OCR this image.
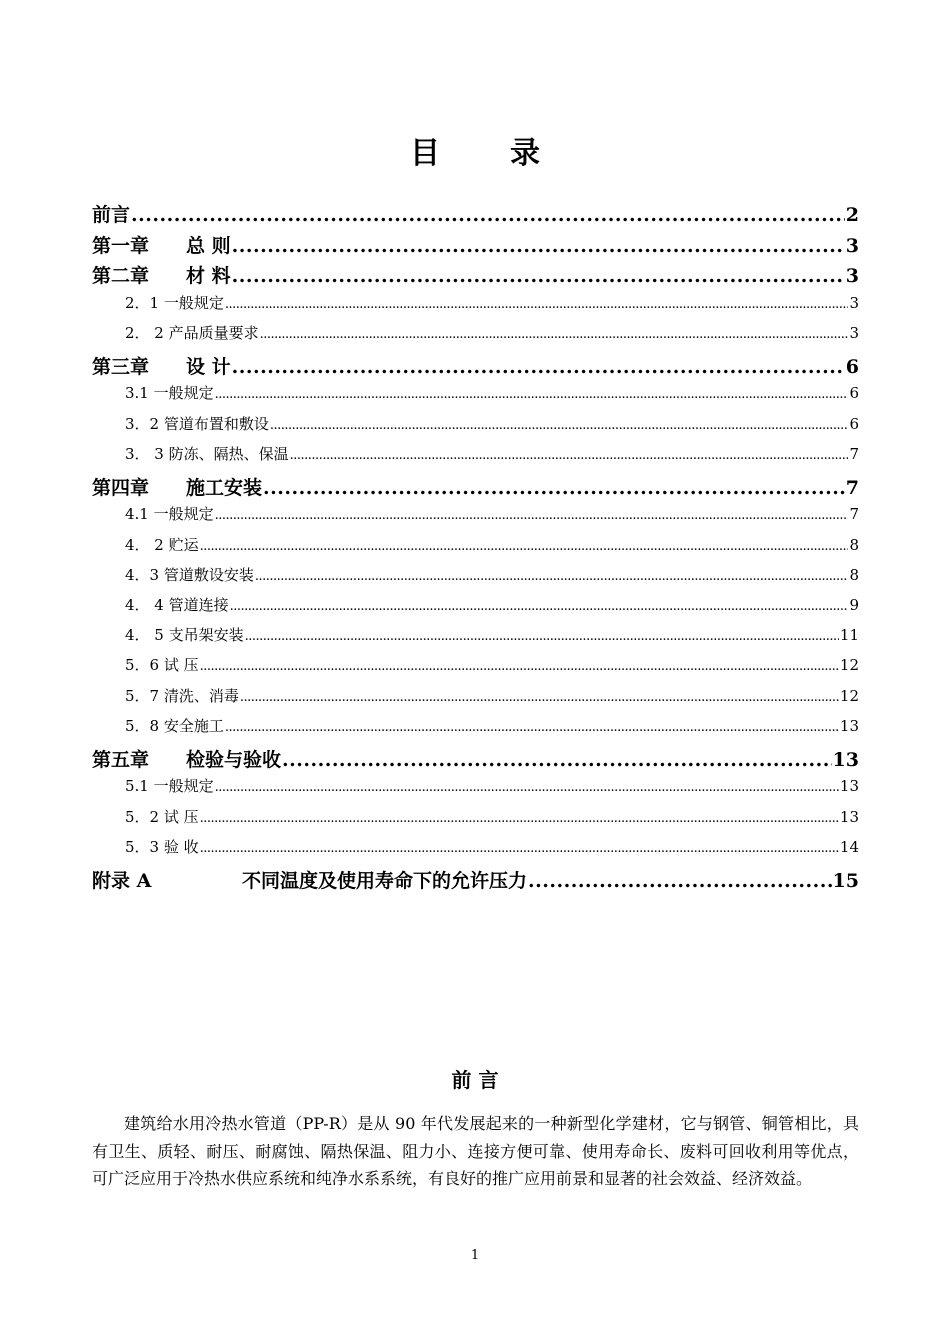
目 录
前言 .....	2
第一章 总 则 .....	3
第二章 材 料 .....	3
2．1 一般规定 .....	3
2． 2 产品质量要求 .....	3
第三章 设 计 .....	6
3.1 一般规定 .....	6
3．2 管道布置和敷设 .....	6
3． 3 防冻、隔热、保温 .....	7
第四章 施工安装 .....	7
4.1 一般规定 .....	7
4． 2 贮运 .....	8
4．3 管道敷设安装 .....	8
4． 4 管道连接 .....	9
4． 5 支吊架安装 .....	11
5．6 试 压 .....	12
5．7 清洗、消毒 .....	12
5．8 安全施工 .....	13
第五章 检验与验收 .....	13
5.1 一般规定 .....	13
5．2 试 压 .....	13
5．3 验 收 .....	14
附录 A	不同温度及使用寿命下的允许压力 .....	15
前 言
建筑给水用冷热水管道（PP-R）是从 90 年代发展起来的一种新型化学建材，它与钢管、铜管相比，具有卫生、质轻、耐压、耐腐蚀、隔热保温、阻力小、连接方便可靠、使用寿命长、废料可回收利用等优点，可广泛应用于冷热水供应系统和纯净水系系统，有良好的推广应用前景和显著的社会效益、经济效益。
1
